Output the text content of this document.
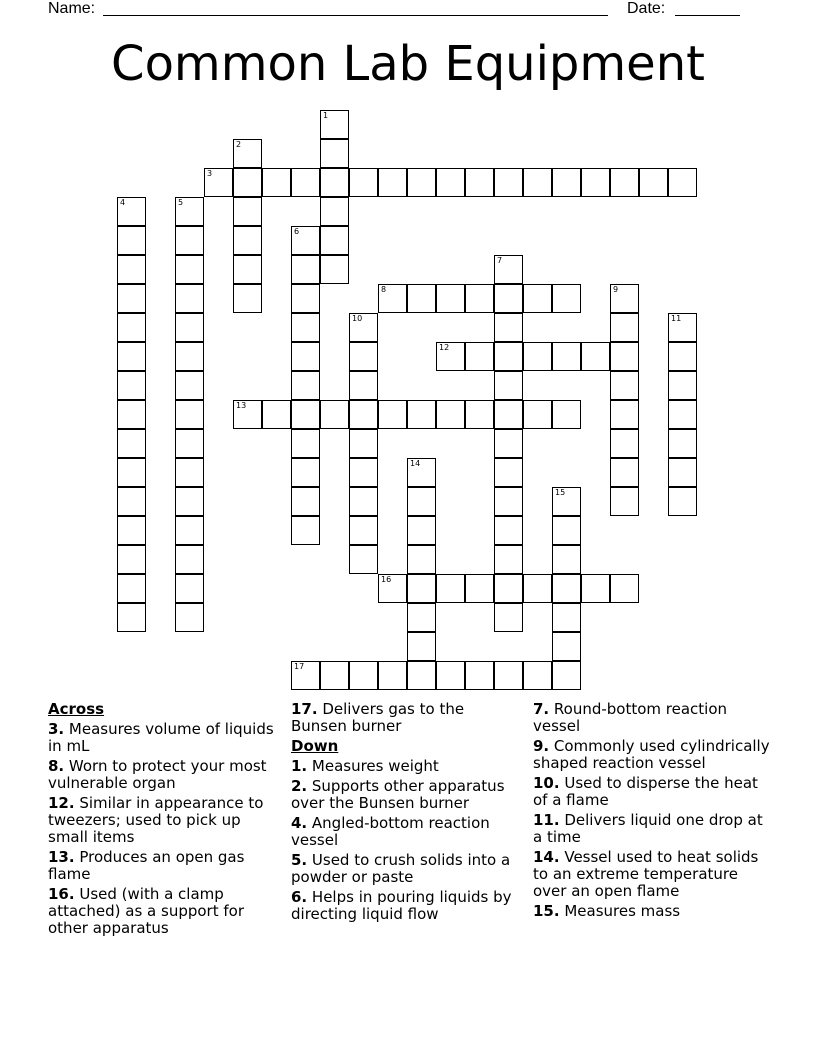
Name:	Date:
Common Lab Equipment
1
2
3
4	5
6
7
8	9
10	11
12
13
14
15
16
17
Across
3. Measures volume of liquids in mL
8. Worn to protect your most vulnerable organ
12. Similar in appearance to tweezers; used to pick up small items
13. Produces an open gas flame
16. Used (with a clamp attached) as a support for other apparatus
17. Delivers gas to the Bunsen burner
Down
1. Measures weight
2. Supports other apparatus over the Bunsen burner
4. Angled-bottom reaction vessel
5. Used to crush solids into a powder or paste
6. Helps in pouring liquids by directing liquid flow
7. Round-bottom reaction vessel
9. Commonly used cylindrically shaped reaction vessel
10. Used to disperse the heat of a flame
11. Delivers liquid one drop at a time
14. Vessel used to heat solids to an extreme temperature over an open flame
15. Measures mass
